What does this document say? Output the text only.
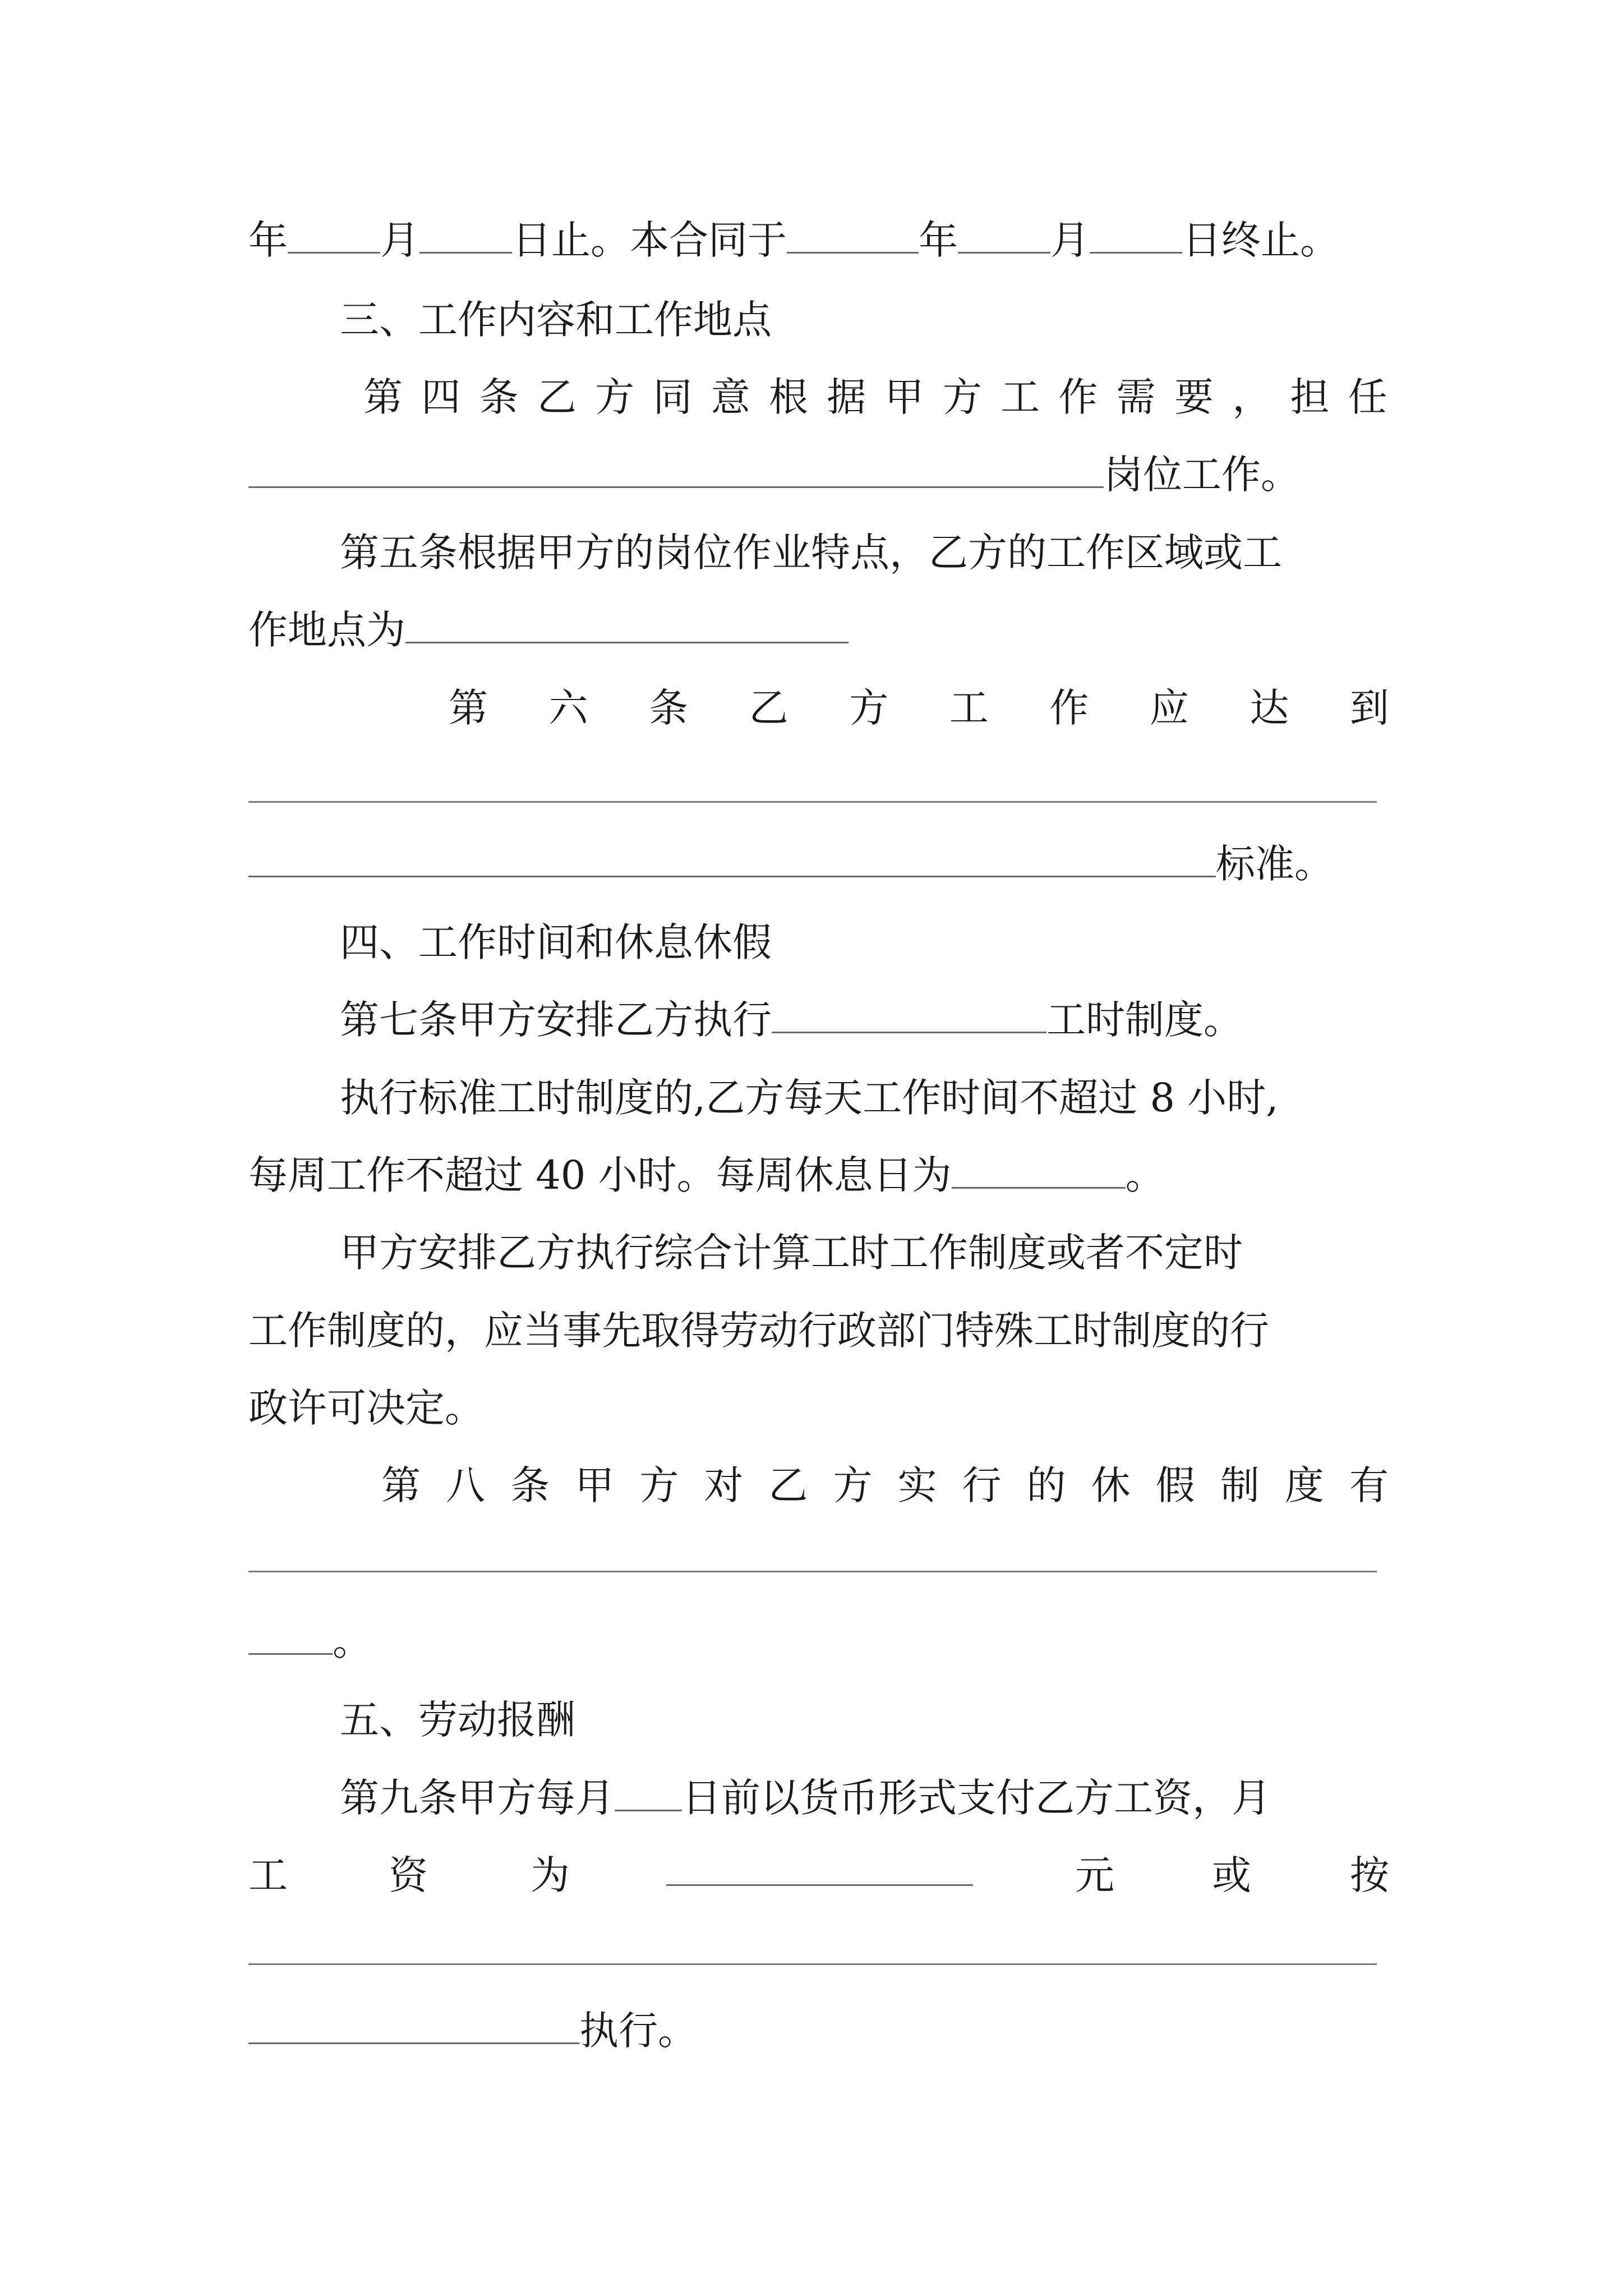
年 月 日止。本合同于	年 月 日终止。
三、工作内容和工作地点
第 四 条 乙 方 同 意 根 据 甲 方 工 作 需 要 ， 担 任
岗位工作。
第五条根据甲方的岗位作业特点，乙方的工作区域或工
作地点为
第 六 条 乙 方 工 作 应 达 到
标准。
四、工作时间和休息休假
第七条甲方安排乙方执行	工时制度。
执行标准工时制度的,乙方每天工作时间不超过 8 小时,
每周工作不超过 40 小时。每周休息日为	。
甲方安排乙方执行综合计算工时工作制度或者不定时
工作制度的，应当事先取得劳动行政部门特殊工时制度的行
政许可决定。
第 八 条 甲 方 对 乙 方 实 行 的 休 假 制 度 有
。
五、劳动报酬
第九条甲方每月 日前以货币形式支付乙方工资，月
工	资	为	元 或	按
执行。
